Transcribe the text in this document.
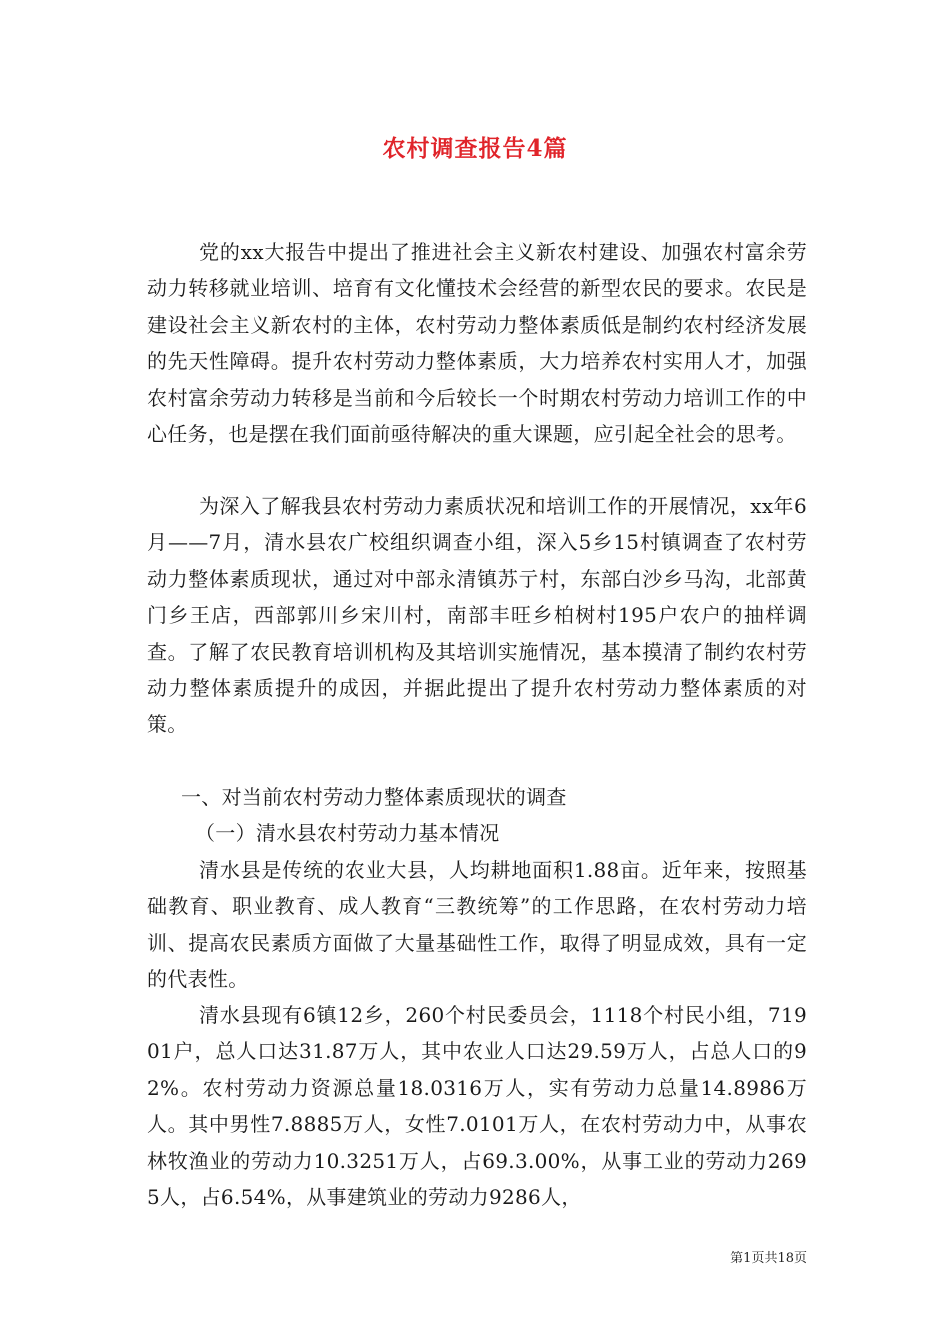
农村调查报告4篇

党的xx大报告中提出了推进社会主义新农村建设、加强农村富余劳动力转移就业培训、培育有文化懂技术会经营的新型农民的要求。农民是建设社会主义新农村的主体，农村劳动力整体素质低是制约农村经济发展的先天性障碍。提升农村劳动力整体素质，大力培养农村实用人才，加强农村富余劳动力转移是当前和今后较长一个时期农村劳动力培训工作的中心任务，也是摆在我们面前亟待解决的重大课题，应引起全社会的思考。

为深入了解我县农村劳动力素质状况和培训工作的开展情况，xx年6月——7月，清水县农广校组织调查小组，深入5乡15村镇调查了农村劳动力整体素质现状，通过对中部永清镇苏亍村，东部白沙乡马沟，北部黄门乡王店，西部郭川乡宋川村，南部丰旺乡柏树村195户农户的抽样调查。了解了农民教育培训机构及其培训实施情况，基本摸清了制约农村劳动力整体素质提升的成因，并据此提出了提升农村劳动力整体素质的对策。

一、对当前农村劳动力整体素质现状的调查

（一）清水县农村劳动力基本情况

清水县是传统的农业大县，人均耕地面积1.88亩。近年来，按照基础教育、职业教育、成人教育“三教统筹”的工作思路，在农村劳动力培训、提高农民素质方面做了大量基础性工作，取得了明显成效，具有一定的代表性。

清水县现有6镇12乡，260个村民委员会，1118个村民小组，71901户，总人口达31.87万人，其中农业人口达29.59万人，占总人口的92%。农村劳动力资源总量18.0316万人，实有劳动力总量14.8986万人。其中男性7.8885万人，女性7.0101万人，在农村劳动力中，从事农林牧渔业的劳动力10.3251万人，占69.3.00%，从事工业的劳动力2695人，占6.54%，从事建筑业的劳动力9286人，

第1页共18页
